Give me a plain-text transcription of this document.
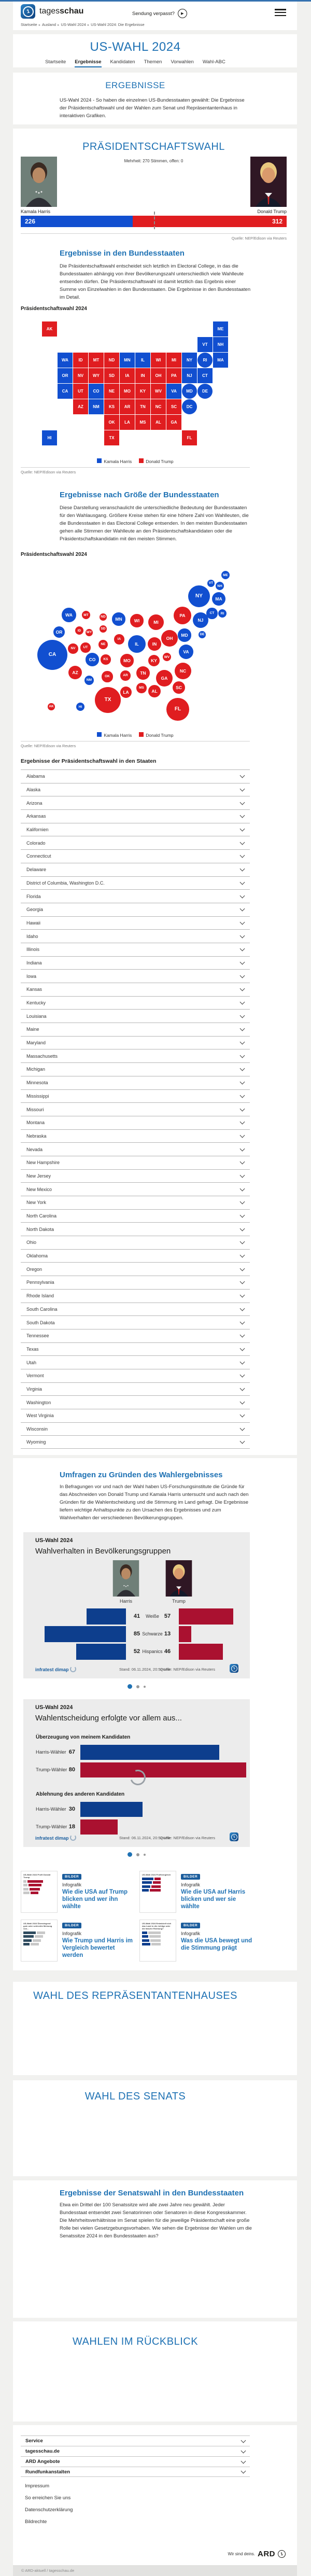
1	tagesschau	Sendung verpasst?	▶
Startseite ▸ Ausland ▸ US-Wahl 2024 ▸ US-Wahl 2024: Die Ergebnisse
US-WAHL 2024
Startseite Ergebnisse Kandidaten Themen Vorwahlen Wahl-ABC
ERGEBNISSE
US-Wahl 2024 - So haben die einzelnen US-Bundesstaaten gewählt: Die Ergebnisse der Präsidentschaftswahl und der Wahlen zum Senat und Repräsentantenhaus in interaktiven Grafiken.
PRÄSIDENTSCHAFTSWAHL
Mehrheit: 270 Stimmen, offen: 0
Kamala Harris	Donald Trump
226	312
Quelle: NEP/Edison via Reuters
Ergebnisse in den Bundesstaaten
Die Präsidentschaftswahl entscheidet sich letztlich im Electoral College, in das die Bundesstaaten abhängig von ihrer Bevölkerungszahl unterschiedlich viele Wahlleute entsenden dürfen. Die Präsidentschaftswahl ist damit letztlich das Ergebnis einer Summe von Einzelwahlen in den Bundesstaaten. Die Ergebnisse in den Bundesstaaten im Detail.
Präsidentschaftswahl 2024
AK	ME
VT	NH
WA	ID	MT	ND	MN	IL	WI	MI	NY	RI	MA
OR	NV	WY	SD	IA	IN	OH	PA	NJ	CT
CA	UT	CO	NE	MO	KY	WV	VA	MD	DE
AZ	NM	KS	AR	TN	NC	SC	DC
OK	LA	MS	AL	GA
HI	TX	FL
Kamala Harris	Donald Trump
Quelle: NEP/Edison via Reuters
Ergebnisse nach Größe der Bundesstaaten
Diese Darstellung veranschaulicht die unterschiedliche Bedeutung der Bundesstaaten für den Wahlausgang. Größere Kreise stehen für eine höhere Zahl von Wahlleuten, die die Bundesstaaten in das Electoral College entsenden. In den meisten Bundesstaaten gehen alle Stimmen der Wahlleute an den Präsidentschaftskandidaten oder die Präsidentschaftskandidatin mit den meisten Stimmen.
Präsidentschaftswahl 2024
CA
TX
FL
NY
IL
PA
OH
GA
NC
MI	NJ
VA
WA
AZ
IN
MA
TN
CO
MD
MN
MO
WI
AL
SC
KY
LA
OR
CT
OK	AR
IA
KS
MS
NV	UT
NE
NM
HI
ID
ME
MT
NH
RI
WV
AK
DE
ND
SD
VT
WY
Kamala Harris	Donald Trump
Quelle: NEP/Edison via Reuters
Ergebnisse der Präsidentschaftswahl in den Staaten
Alabama
Alaska
Arizona
Arkansas
Kalifornien
Colorado
Connecticut
Delaware
District of Columbia, Washington D.C.
Florida
Georgia
Hawaii
Idaho
Illinois
Indiana
Iowa
Kansas
Kentucky
Louisiana
Maine
Maryland
Massachusetts
Michigan
Minnesota
Mississippi
Missouri
Montana
Nebraska
Nevada
New Hampshire
New Jersey
New Mexico
New York
North Carolina
North Dakota
Ohio
Oklahoma
Oregon
Pennsylvania
Rhode Island
South Carolina
South Dakota
Tennessee
Texas
Utah
Vermont
Virginia
Washington
West Virginia
Wisconsin
Wyoming
Umfragen zu Gründen des Wahlergebnisses
In Befragungen vor und nach der Wahl haben US-Forschungsinstitute die Gründe für das Abschneiden von Donald Trump und Kamala Harris untersucht und auch nach den Gründen für die Wahlentscheidung und die Stimmung im Land gefragt. Die Ergebnisse liefern wichtige Anhaltspunkte zu den Ursachen des Ergebnisses und zum Wahlverhalten der verschiedenen Bevölkerungsgruppen.
US-Wahl 2024
Wahlverhalten in Bevölkerungsgruppen
Harris	Trump
41	57
Weiße
85	13
Schwarze
52	46
Hispanics
infratest dimap	Stand: 06.11.2024, 20:52 Uhr
Quelle: NEP/Edison via Reuters	1
US-Wahl 2024
Wahlentscheidung erfolgte vor allem aus...
Überzeugung von meinem Kandidaten
Harris-Wähler 67
Trump-Wähler 80
Ablehnung des anderen Kandidaten
Harris-Wähler 30
Trump-Wähler 18
infratest dimap	Stand: 06.11.2024, 20:52 Uhr
Quelle: NEP/Edison via Reuters	1
US-Wahl 2024 Profil Donald Trump	BILDER
Infografik
Wie die USA auf Trump blicken und wer ihn wählte
US-Wahl 2024 Profilvergleich
BILDER
Infografik
Wie die USA auf Harris blicken und wer sie wählte
US-Wahl 2024 Überwiegend gute oder schlechte Meinung von...
BILDER
Infografik
Wie Trump und Harris im Vergleich bewertet werden
US-Wahl 2024 Entwickelt sich das Land in die richtige oder die falsche Richtung?
BILDER
Infografik
Was die USA bewegt und die Stimmung prägt
WAHL DES REPRÄSENTANTENHAUSES
WAHL DES SENATS
Ergebnisse der Senatswahl in den Bundesstaaten
Etwa ein Drittel der 100 Senatssitze wird alle zwei Jahre neu gewählt. Jeder Bundesstaat entsendet zwei Senatorinnen oder Senatoren in diese Kongresskammer. Die Mehrheitsverhältnisse im Senat spielen für die jeweilige Präsidentschaft eine große Rolle bei vielen Gesetzgebungsvorhaben. Wie sehen die Ergebnisse der Wahlen um die Senatssitze 2024 in den Bundesstaaten aus?
WAHLEN IM RÜCKBLICK
Service
tagesschau.de
ARD Angebote
Rundfunkanstalten
Impressum
So erreichen Sie uns
Datenschutzerklärung
Bildrechte
Wir sind deins. ARD	1
© ARD-aktuell / tagesschau.de
